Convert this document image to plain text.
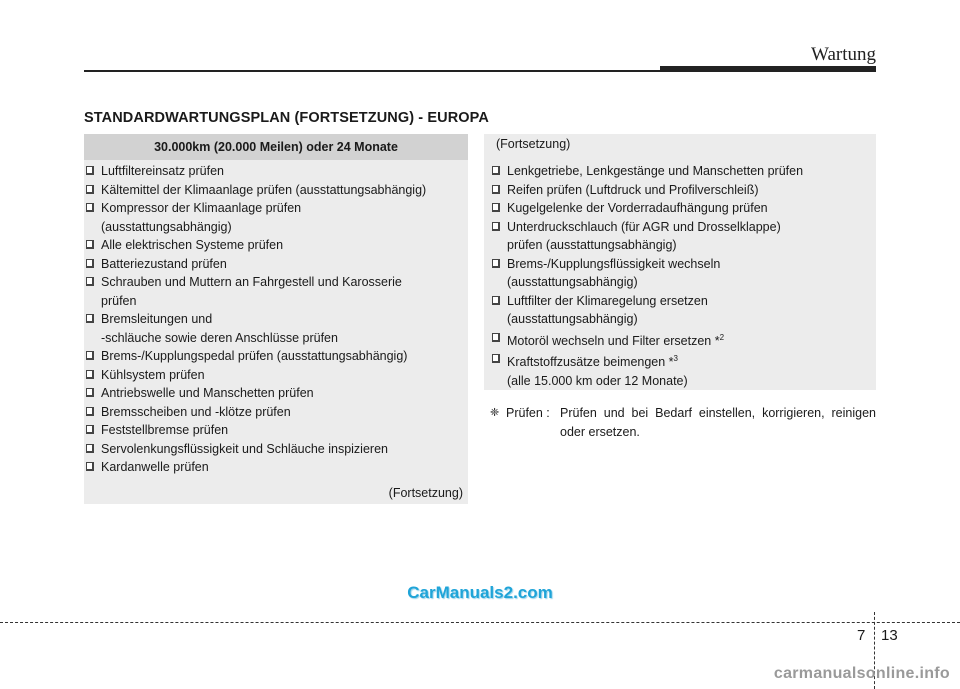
Wartung
STANDARDWARTUNGSPLAN (FORTSETZUNG) - EUROPA
30.000km (20.000 Meilen) oder 24 Monate
Luftfiltereinsatz prüfen
Kältemittel der Klimaanlage prüfen (ausstattungsabhängig)
Kompressor der Klimaanlage prüfen
(ausstattungsabhängig)
Alle elektrischen Systeme prüfen
Batteriezustand prüfen
Schrauben und Muttern an Fahrgestell und Karosserie
prüfen
Bremsleitungen und
-schläuche sowie deren Anschlüsse prüfen
Brems-/Kupplungspedal prüfen (ausstattungsabhängig)
Kühlsystem prüfen
Antriebswelle und Manschetten prüfen
Bremsscheiben und -klötze prüfen
Feststellbremse prüfen
Servolenkungsflüssigkeit und Schläuche inspizieren
Kardanwelle prüfen
(Fortsetzung)
(Fortsetzung)
Lenkgetriebe, Lenkgestänge und Manschetten prüfen
Reifen prüfen (Luftdruck und Profilverschleiß)
Kugelgelenke der Vorderradaufhängung prüfen
Unterdruckschlauch (für AGR und Drosselklappe)
prüfen (ausstattungsabhängig)
Brems-/Kupplungsflüssigkeit wechseln
(ausstattungsabhängig)
Luftfilter der Klimaregelung ersetzen
(ausstattungsabhängig)
Motoröl wechseln und Filter ersetzen *$^2$
Kraftstoffzusätze beimengen *$^3$
(alle 15.000 km oder 12 Monate)
❈ Prüfen : Prüfen und bei Bedarf einstellen, korrigieren, reinigen oder ersetzen.
CarManuals2.com
7 13
carmanualsonline.info
